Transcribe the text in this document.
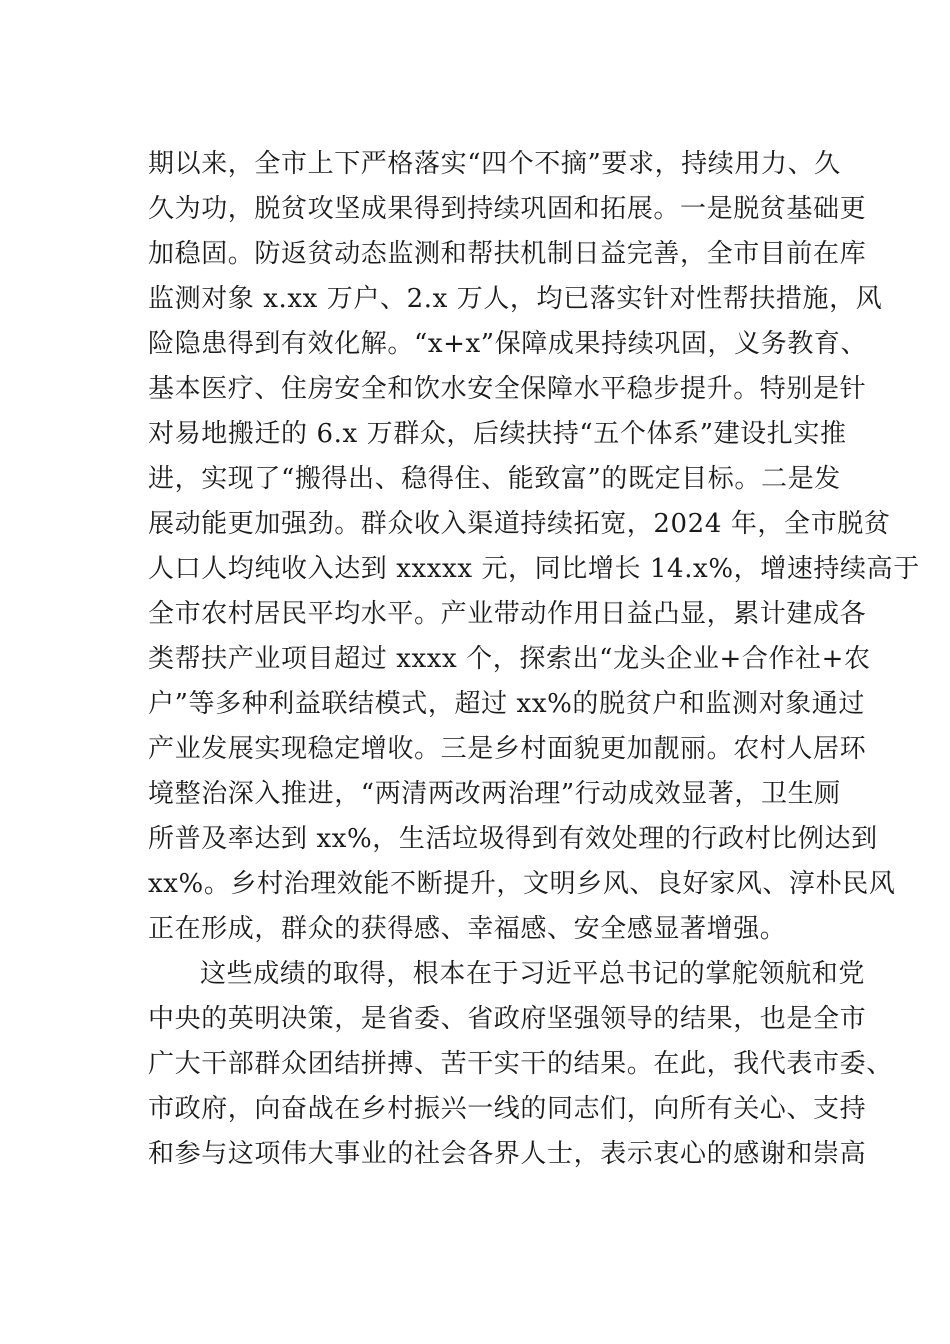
期以来，全市上下严格落实“四个不摘”要求，持续用力、久
久为功，脱贫攻坚成果得到持续巩固和拓展。一是脱贫基础更
加稳固。防返贫动态监测和帮扶机制日益完善，全市目前在库
监测对象 x.xx 万户、2.x 万人，均已落实针对性帮扶措施，风
险隐患得到有效化解。“x+x”保障成果持续巩固，义务教育、
基本医疗、住房安全和饮水安全保障水平稳步提升。特别是针
对易地搬迁的 6.x 万群众，后续扶持“五个体系”建设扎实推
进，实现了“搬得出、稳得住、能致富”的既定目标。二是发
展动能更加强劲。群众收入渠道持续拓宽，2024 年，全市脱贫
人口人均纯收入达到 xxxxx 元，同比增长 14.x%，增速持续高于
全市农村居民平均水平。产业带动作用日益凸显，累计建成各
类帮扶产业项目超过 xxxx 个，探索出“龙头企业+合作社+农
户”等多种利益联结模式，超过 xx%的脱贫户和监测对象通过
产业发展实现稳定增收。三是乡村面貌更加靓丽。农村人居环
境整治深入推进，“两清两改两治理”行动成效显著，卫生厕
所普及率达到 xx%，生活垃圾得到有效处理的行政村比例达到
xx%。乡村治理效能不断提升，文明乡风、良好家风、淳朴民风
正在形成，群众的获得感、幸福感、安全感显著增强。
这些成绩的取得，根本在于习近平总书记的掌舵领航和党
中央的英明决策，是省委、省政府坚强领导的结果，也是全市
广大干部群众团结拼搏、苦干实干的结果。在此，我代表市委、
市政府，向奋战在乡村振兴一线的同志们，向所有关心、支持
和参与这项伟大事业的社会各界人士，表示衷心的感谢和崇高
